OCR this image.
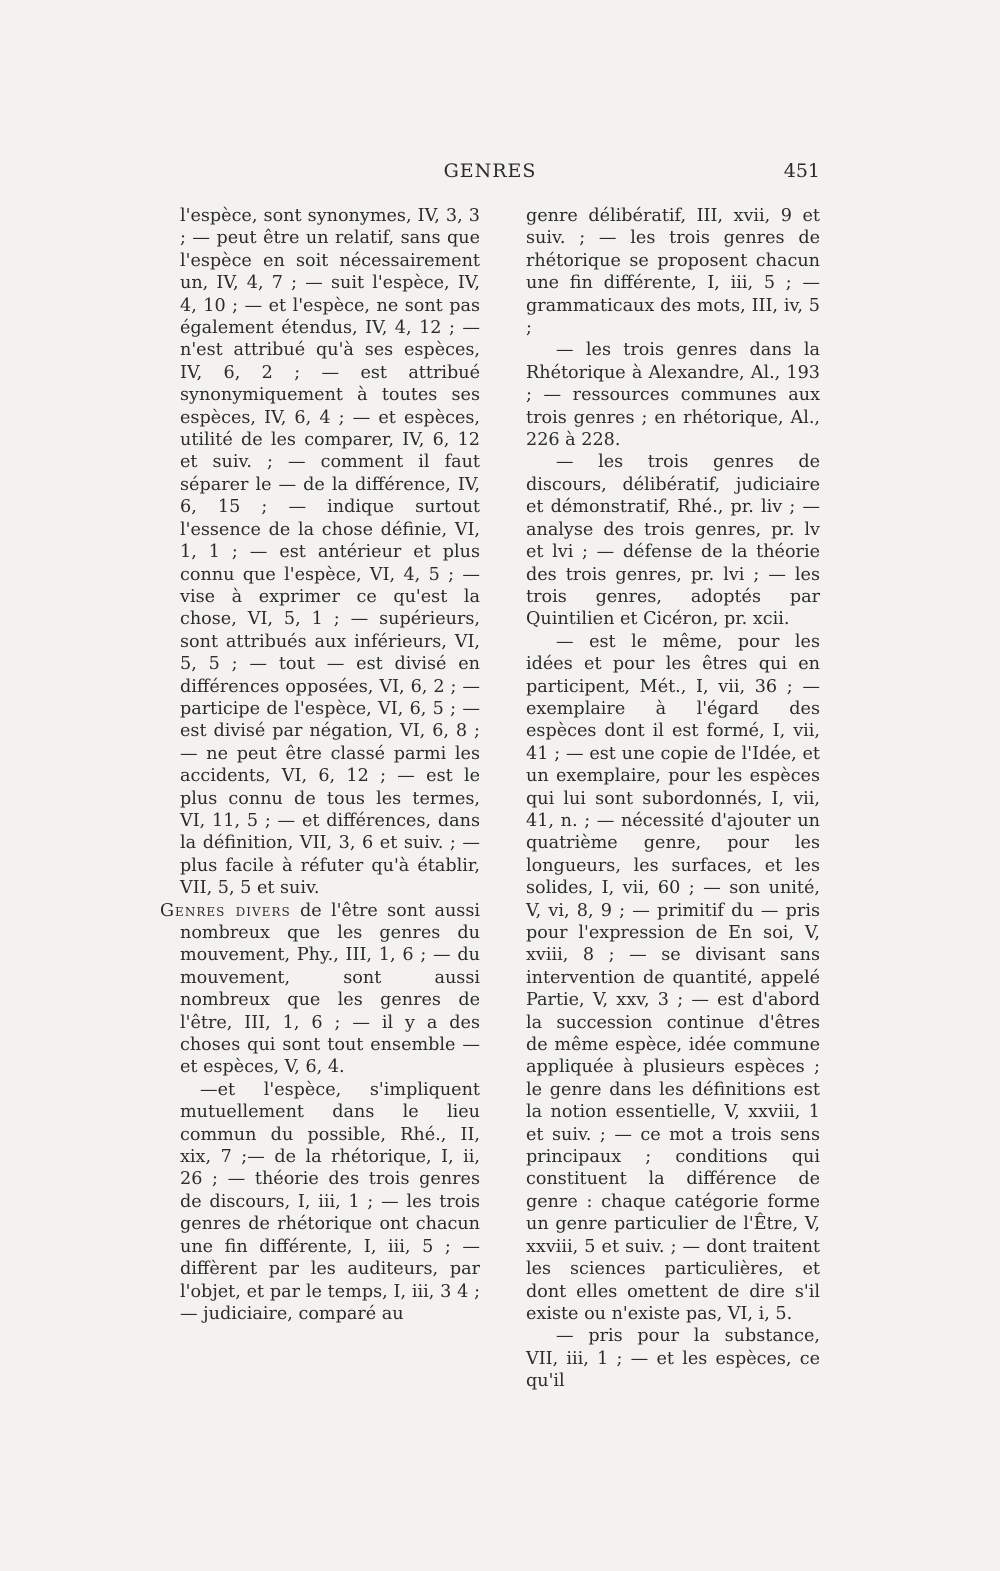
GENRES	451

l'espèce, sont synonymes, IV, 3, 3 ; — peut être un relatif, sans que l'espèce en soit nécessairement un, IV, 4, 7 ; — suit l'espèce, IV, 4, 10 ; — et l'espèce, ne sont pas également étendus, IV, 4, 12 ; — n'est attribué qu'à ses espèces, IV, 6, 2 ; — est attribué synonymiquement à toutes ses espèces, IV, 6, 4 ; — et espèces, utilité de les comparer, IV, 6, 12 et suiv. ; — comment il faut séparer le — de la différence, IV, 6, 15 ; — indique surtout l'essence de la chose définie, VI, 1, 1 ; — est antérieur et plus connu que l'espèce, VI, 4, 5 ; — vise à exprimer ce qu'est la chose, VI, 5, 1 ; — supérieurs, sont attribués aux inférieurs, VI, 5, 5 ; — tout — est divisé en différences opposées, VI, 6, 2 ; — participe de l'espèce, VI, 6, 5 ; — est divisé par négation, VI, 6, 8 ; — ne peut être classé parmi les accidents, VI, 6, 12 ; — est le plus connu de tous les termes, VI, 11, 5 ; — et différences, dans la définition, VII, 3, 6 et suiv. ; — plus facile à réfuter qu'à établir, VII, 5, 5 et suiv.

Genres divers de l'être sont aussi nombreux que les genres du mouvement, Phy., III, 1, 6 ; — du mouvement, sont aussi nombreux que les genres de l'être, III, 1, 6 ; — il y a des choses qui sont tout ensemble — et espèces, V, 6, 4.

—et l'espèce, s'impliquent mutuellement dans le lieu commun du possible, Rhé., II, xix, 7 ;— de la rhétorique, I, ii, 26 ; — théorie des trois genres de discours, I, iii, 1 ; — les trois genres de rhétorique ont chacun une fin différente, I, iii, 5 ; — diffèrent par les auditeurs, par l'objet, et par le temps, I, iii, 3 4 ; — judiciaire, comparé au

genre délibératif, III, xvii, 9 et suiv. ; — les trois genres de rhétorique se proposent chacun une fin différente, I, iii, 5 ; — grammaticaux des mots, III, iv, 5 ;

— les trois genres dans la Rhétorique à Alexandre, Al., 193 ; — ressources communes aux trois genres ; en rhétorique, Al., 226 à 228.

— les trois genres de discours, délibératif, judiciaire et démonstratif, Rhé., pr. liv ; — analyse des trois genres, pr. lv et lvi ; — défense de la théorie des trois genres, pr. lvi ; — les trois genres, adoptés par Quintilien et Cicéron, pr. xcii.

— est le même, pour les idées et pour les êtres qui en participent, Mét., I, vii, 36 ; — exemplaire à l'égard des espèces dont il est formé, I, vii, 41 ; — est une copie de l'Idée, et un exemplaire, pour les espèces qui lui sont subordonnés, I, vii, 41, n. ; — nécessité d'ajouter un quatrième genre, pour les longueurs, les surfaces, et les solides, I, vii, 60 ; — son unité, V, vi, 8, 9 ; — primitif du — pris pour l'expression de En soi, V, xviii, 8 ; — se divisant sans intervention de quantité, appelé Partie, V, xxv, 3 ; — est d'abord la succession continue d'êtres de même espèce, idée commune appliquée à plusieurs espèces ; le genre dans les définitions est la notion essentielle, V, xxviii, 1 et suiv. ; — ce mot a trois sens principaux ; conditions qui constituent la différence de genre : chaque catégorie forme un genre particulier de l'Être, V, xxviii, 5 et suiv. ; — dont traitent les sciences particulières, et dont elles omettent de dire s'il existe ou n'existe pas, VI, i, 5.

— pris pour la substance, VII, iii, 1 ; — et les espèces, ce qu'il
